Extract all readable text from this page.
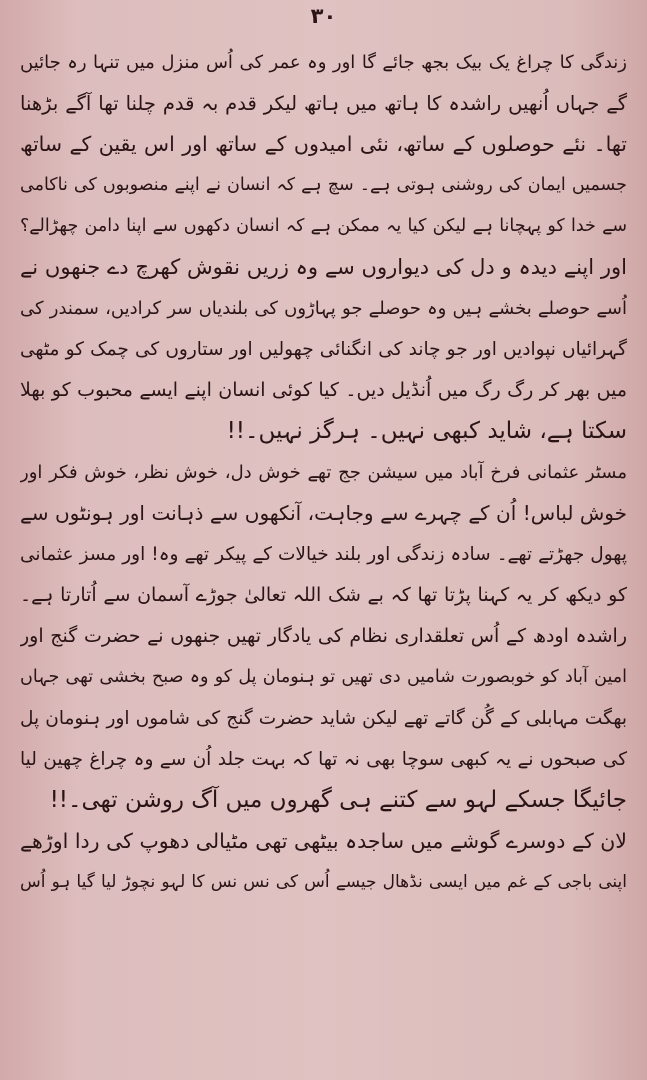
۳۰
زندگی کا چراغ یک بیک بجھ جائے گا اور وہ عمر کی اُس منزل میں تنہا رہ جائیں
گے جہاں اُنھیں راشدہ کا ہاتھ میں ہاتھ لیکر قدم بہ قدم چلنا تھا آگے بڑھنا
تھا۔ نئے حوصلوں کے ساتھ، نئی امیدوں کے ساتھ اور اس یقین کے ساتھ
جسمیں ایمان کی روشنی ہوتی ہے۔ سچ ہے کہ انسان نے اپنے منصوبوں کی ناکامی
سے خدا کو پہچانا ہے لیکن کیا یہ ممکن ہے کہ انسان دکھوں سے اپنا دامن چھڑالے؟
اور اپنے دیدہ و دل کی دیواروں سے وہ زریں نقوش کھرچ دے جنھوں نے
اُسے حوصلے بخشے ہیں وہ حوصلے جو پہاڑوں کی بلندیاں سر کرادیں، سمندر کی
گہرائیاں نپوادیں اور جو چاند کی انگنائی چھولیں اور ستاروں کی چمک کو مٹھی
میں بھر کر رگ رگ میں اُنڈیل دیں۔ کیا کوئی انسان اپنے ایسے محبوب کو بھلا
سکتا ہے، شاید کبھی نہیں۔ ہرگز نہیں۔!!
مسٹر عثمانی فرخ آباد میں سیشن جج تھے خوش دل، خوش نظر، خوش فکر اور
خوش لباس! اُن کے چہرے سے وجاہت، آنکھوں سے ذہانت اور ہونٹوں سے
پھول جھڑتے تھے۔ سادہ زندگی اور بلند خیالات کے پیکر تھے وہ! اور مسز عثمانی
کو دیکھ کر یہ کہنا پڑتا تھا کہ بے شک اللہ تعالیٰ جوڑے آسمان سے اُتارتا ہے۔
راشدہ اودھ کے اُس تعلقداری نظام کی یادگار تھیں جنھوں نے حضرت گنج اور
امین آباد کو خوبصورت شامیں دی تھیں تو ہنومان پل کو وہ صبح بخشی تھی جہاں
بھگت مہابلی کے گُن گاتے تھے لیکن شاید حضرت گنج کی شاموں اور ہنومان پل
کی صبحوں نے یہ کبھی سوچا بھی نہ تھا کہ بہت جلد اُن سے وہ چراغ چھین لیا
جائیگا جسکے لہو سے کتنے ہی گھروں میں آگ روشن تھی۔!!
لان کے دوسرے گوشے میں ساجدہ بیٹھی تھی مٹیالی دھوپ کی ردا اوڑھے
اپنی باجی کے غم میں ایسی نڈھال جیسے اُس کی نس نس کا لہو نچوڑ لیا گیا ہو اُس
